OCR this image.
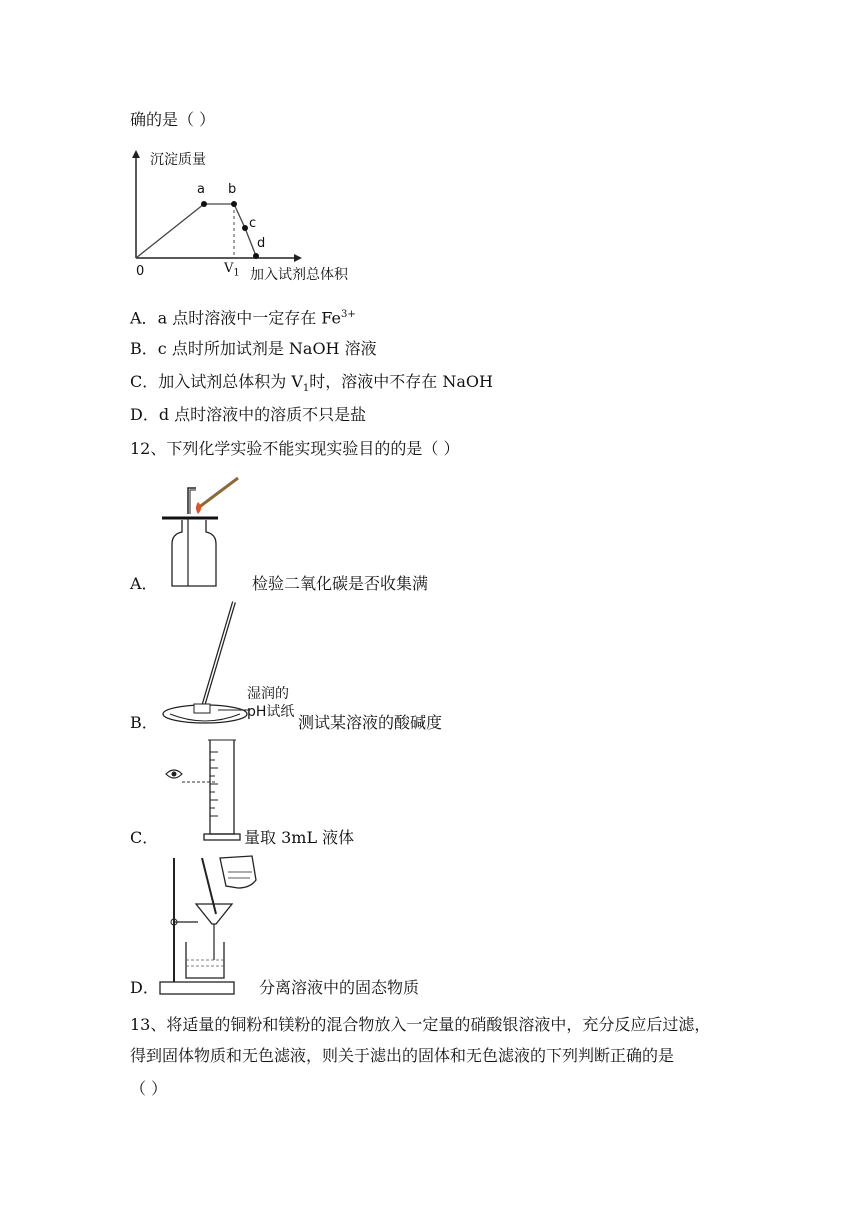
确的是（ ）
沉淀质量
a b
c
d
0	$V_1$ 加入试剂总体积
A．a 点时溶液中一定存在 $Fe^{3+}$
B．c 点时所加试剂是 NaOH 溶液
C．加入试剂总体积为 $V_1$时，溶液中不存在 NaOH
D．d 点时溶液中的溶质不只是盐
12、下列化学实验不能实现实验目的的是（ ）
A．	检验二氧化碳是否收集满
湿润的
pH试纸
B．	测试某溶液的酸碱度
C．	量取 3mL 液体
D．	分离溶液中的固态物质
13、将适量的铜粉和镁粉的混合物放入一定量的硝酸银溶液中，充分反应后过滤，
得到固体物质和无色滤液，则关于滤出的固体和无色滤液的下列判断正确的是
（ ）
